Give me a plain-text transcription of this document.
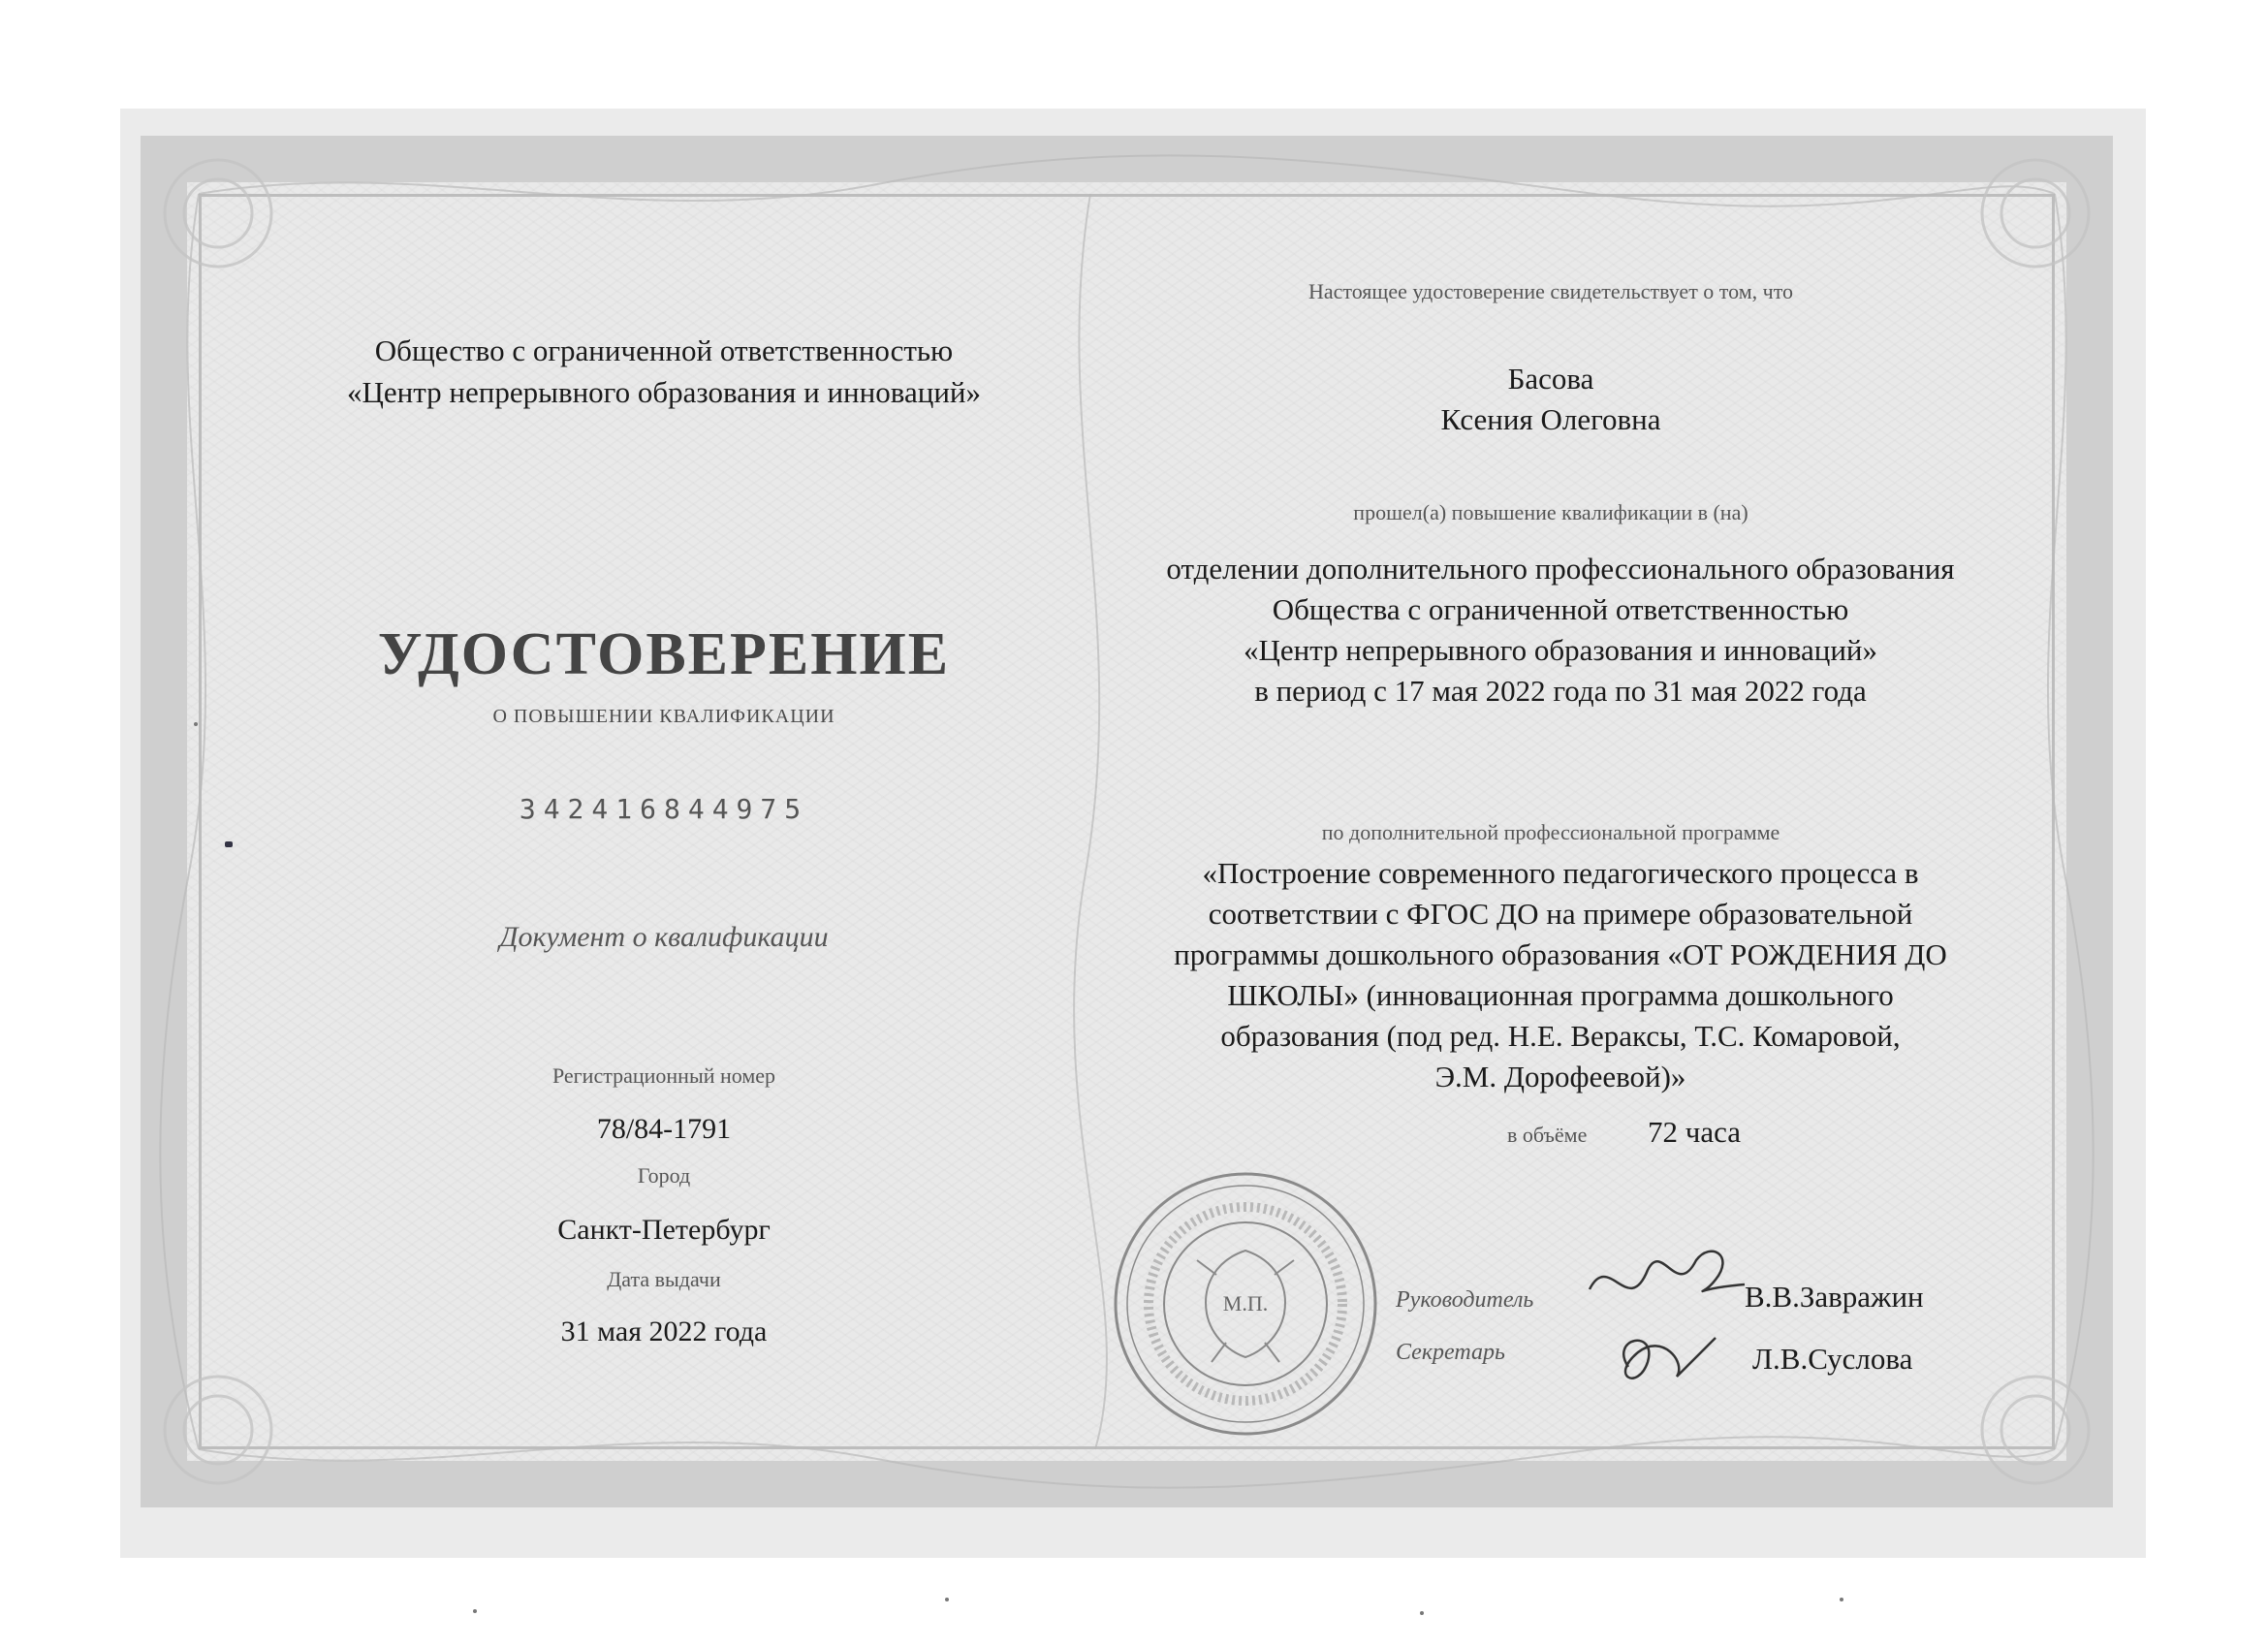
Общество с ограниченной ответственностью
«Центр непрерывного образования и инноваций»
УДОСТОВЕРЕНИЕ
О ПОВЫШЕНИИ КВАЛИФИКАЦИИ
342416844975
Документ о квалификации
Регистрационный номер
78/84-1791
Город
Санкт-Петербург
Дата выдачи
31 мая 2022 года
Настоящее удостоверение свидетельствует о том, что
Басова
Ксения Олеговна
прошел(а) повышение квалификации в (на)
отделении дополнительного профессионального образования
Общества с ограниченной ответственностью
«Центр непрерывного образования и инноваций»
в период с 17 мая 2022 года по 31 мая 2022 года
по дополнительной профессиональной программе
«Построение современного педагогического процесса в
соответствии с ФГОС ДО на примере образовательной
программы дошкольного образования «ОТ РОЖДЕНИЯ ДО
ШКОЛЫ» (инновационная программа дошкольного
образования (под ред. Н.Е. Вераксы, Т.С. Комаровой,
Э.М. Дорофеевой)»
в объёме 72 часа
М.П.	Руководитель	В.В.Завражин
Секретарь	Л.В.Суслова
